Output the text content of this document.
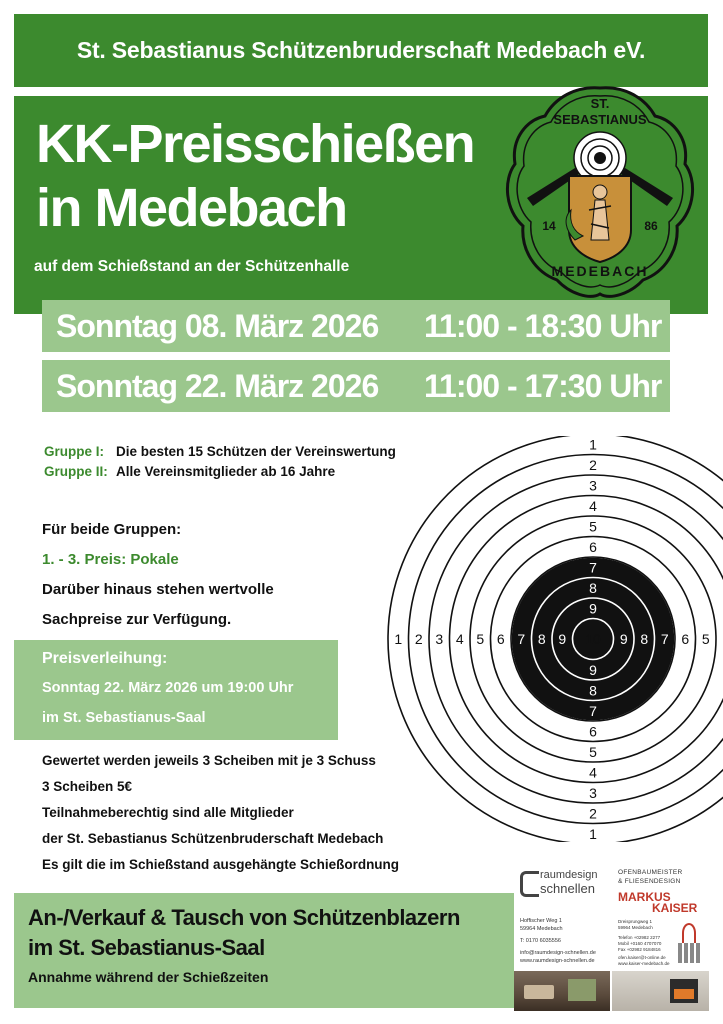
St. Sebastianus Schützenbruderschaft Medebach eV.
KK-Preisschießen
in Medebach
auf dem Schießstand an der Schützenhalle
ST.
SEBASTIANUS
14	86
MEDEBACH
Sonntag 08. März 2026 11:00 - 18:30 Uhr
Sonntag 22. März 2026 11:00 - 17:30 Uhr
Gruppe I: Die besten 15 Schützen der Vereinswertung
Gruppe II: Alle Vereinsmitglieder ab 16 Jahre
Für beide Gruppen:
1. - 3. Preis: Pokale
Darüber hinaus stehen wertvolle
Sachpreise zur Verfügung.
Preisverleihung:
Sonntag 22. März 2026 um 19:00 Uhr
im St. Sebastianus-Saal
Gewertet werden jeweils 3 Scheiben mit je 3 Schuss
3 Scheiben 5€
Teilnahmeberechtig sind alle Mitglieder
der St. Sebastianus Schützenbruderschaft Medebach
Es gilt die im Schießstand ausgehängte Schießordnung
1
2
3
4
5
6
7
8
9
9
8
7
6
5
4
3
2
1
1 2 3 4 5 6 7 8 9	9 8 7 6 5
10
An-/Verkauf & Tausch von Schützenblazern
im St. Sebastianus-Saal
Annahme während der Schießzeiten
raumdesign
schnellen
Hoffischer Weg 1
59964 Medebach
T: 0170 6035556
info@raumdesign-schnellen.de
www.raumdesign-schnellen.de
OFENBAUMEISTER
& FLIESENDESIGN
MARKUS
KAISER
Dreisprungweg 1
59964 Medebach
Telefon +02982 2277
Mobil +0160 4707070
Fax +02982 9184816
ofen.kaiser@t-online.de
www.kaiser-medebach.de
